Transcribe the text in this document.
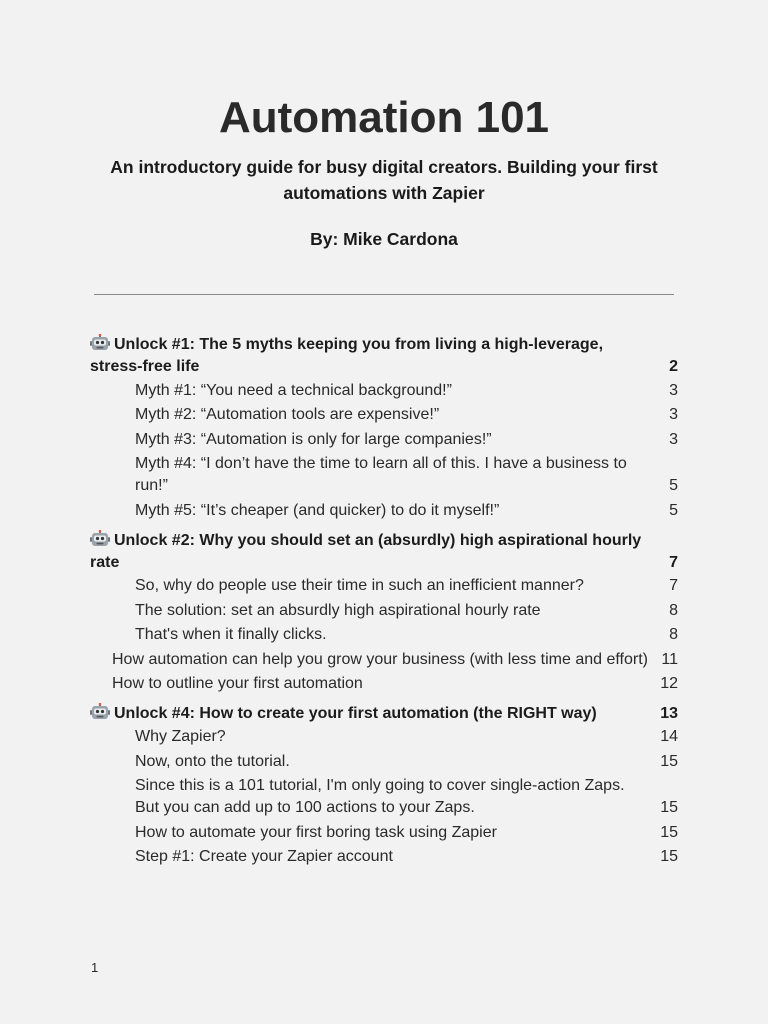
Automation 101
An introductory guide for busy digital creators. Building your first automations with Zapier
By: Mike Cardona
Unlock #1: The 5 myths keeping you from living a high-leverage, stress-free life	2
Myth #1: “You need a technical background!”	3
Myth #2: “Automation tools are expensive!”	3
Myth #3: “Automation is only for large companies!”	3
Myth #4: “I don’t have the time to learn all of this. I have a business to run!”	5
Myth #5: “It’s cheaper (and quicker) to do it myself!”	5
Unlock #2: Why you should set an (absurdly) high aspirational hourly rate	7
So, why do people use their time in such an inefficient manner?	7
The solution: set an absurdly high aspirational hourly rate	8
That's when it finally clicks.	8
How automation can help you grow your business (with less time and effort) 11
How to outline your first automation	12
Unlock #4: How to create your first automation (the RIGHT way)	13
Why Zapier?	14
Now, onto the tutorial.	15
Since this is a 101 tutorial, I'm only going to cover single-action Zaps. But you can add up to 100 actions to your Zaps.	15
How to automate your first boring task using Zapier	15
Step #1: Create your Zapier account	15
1
